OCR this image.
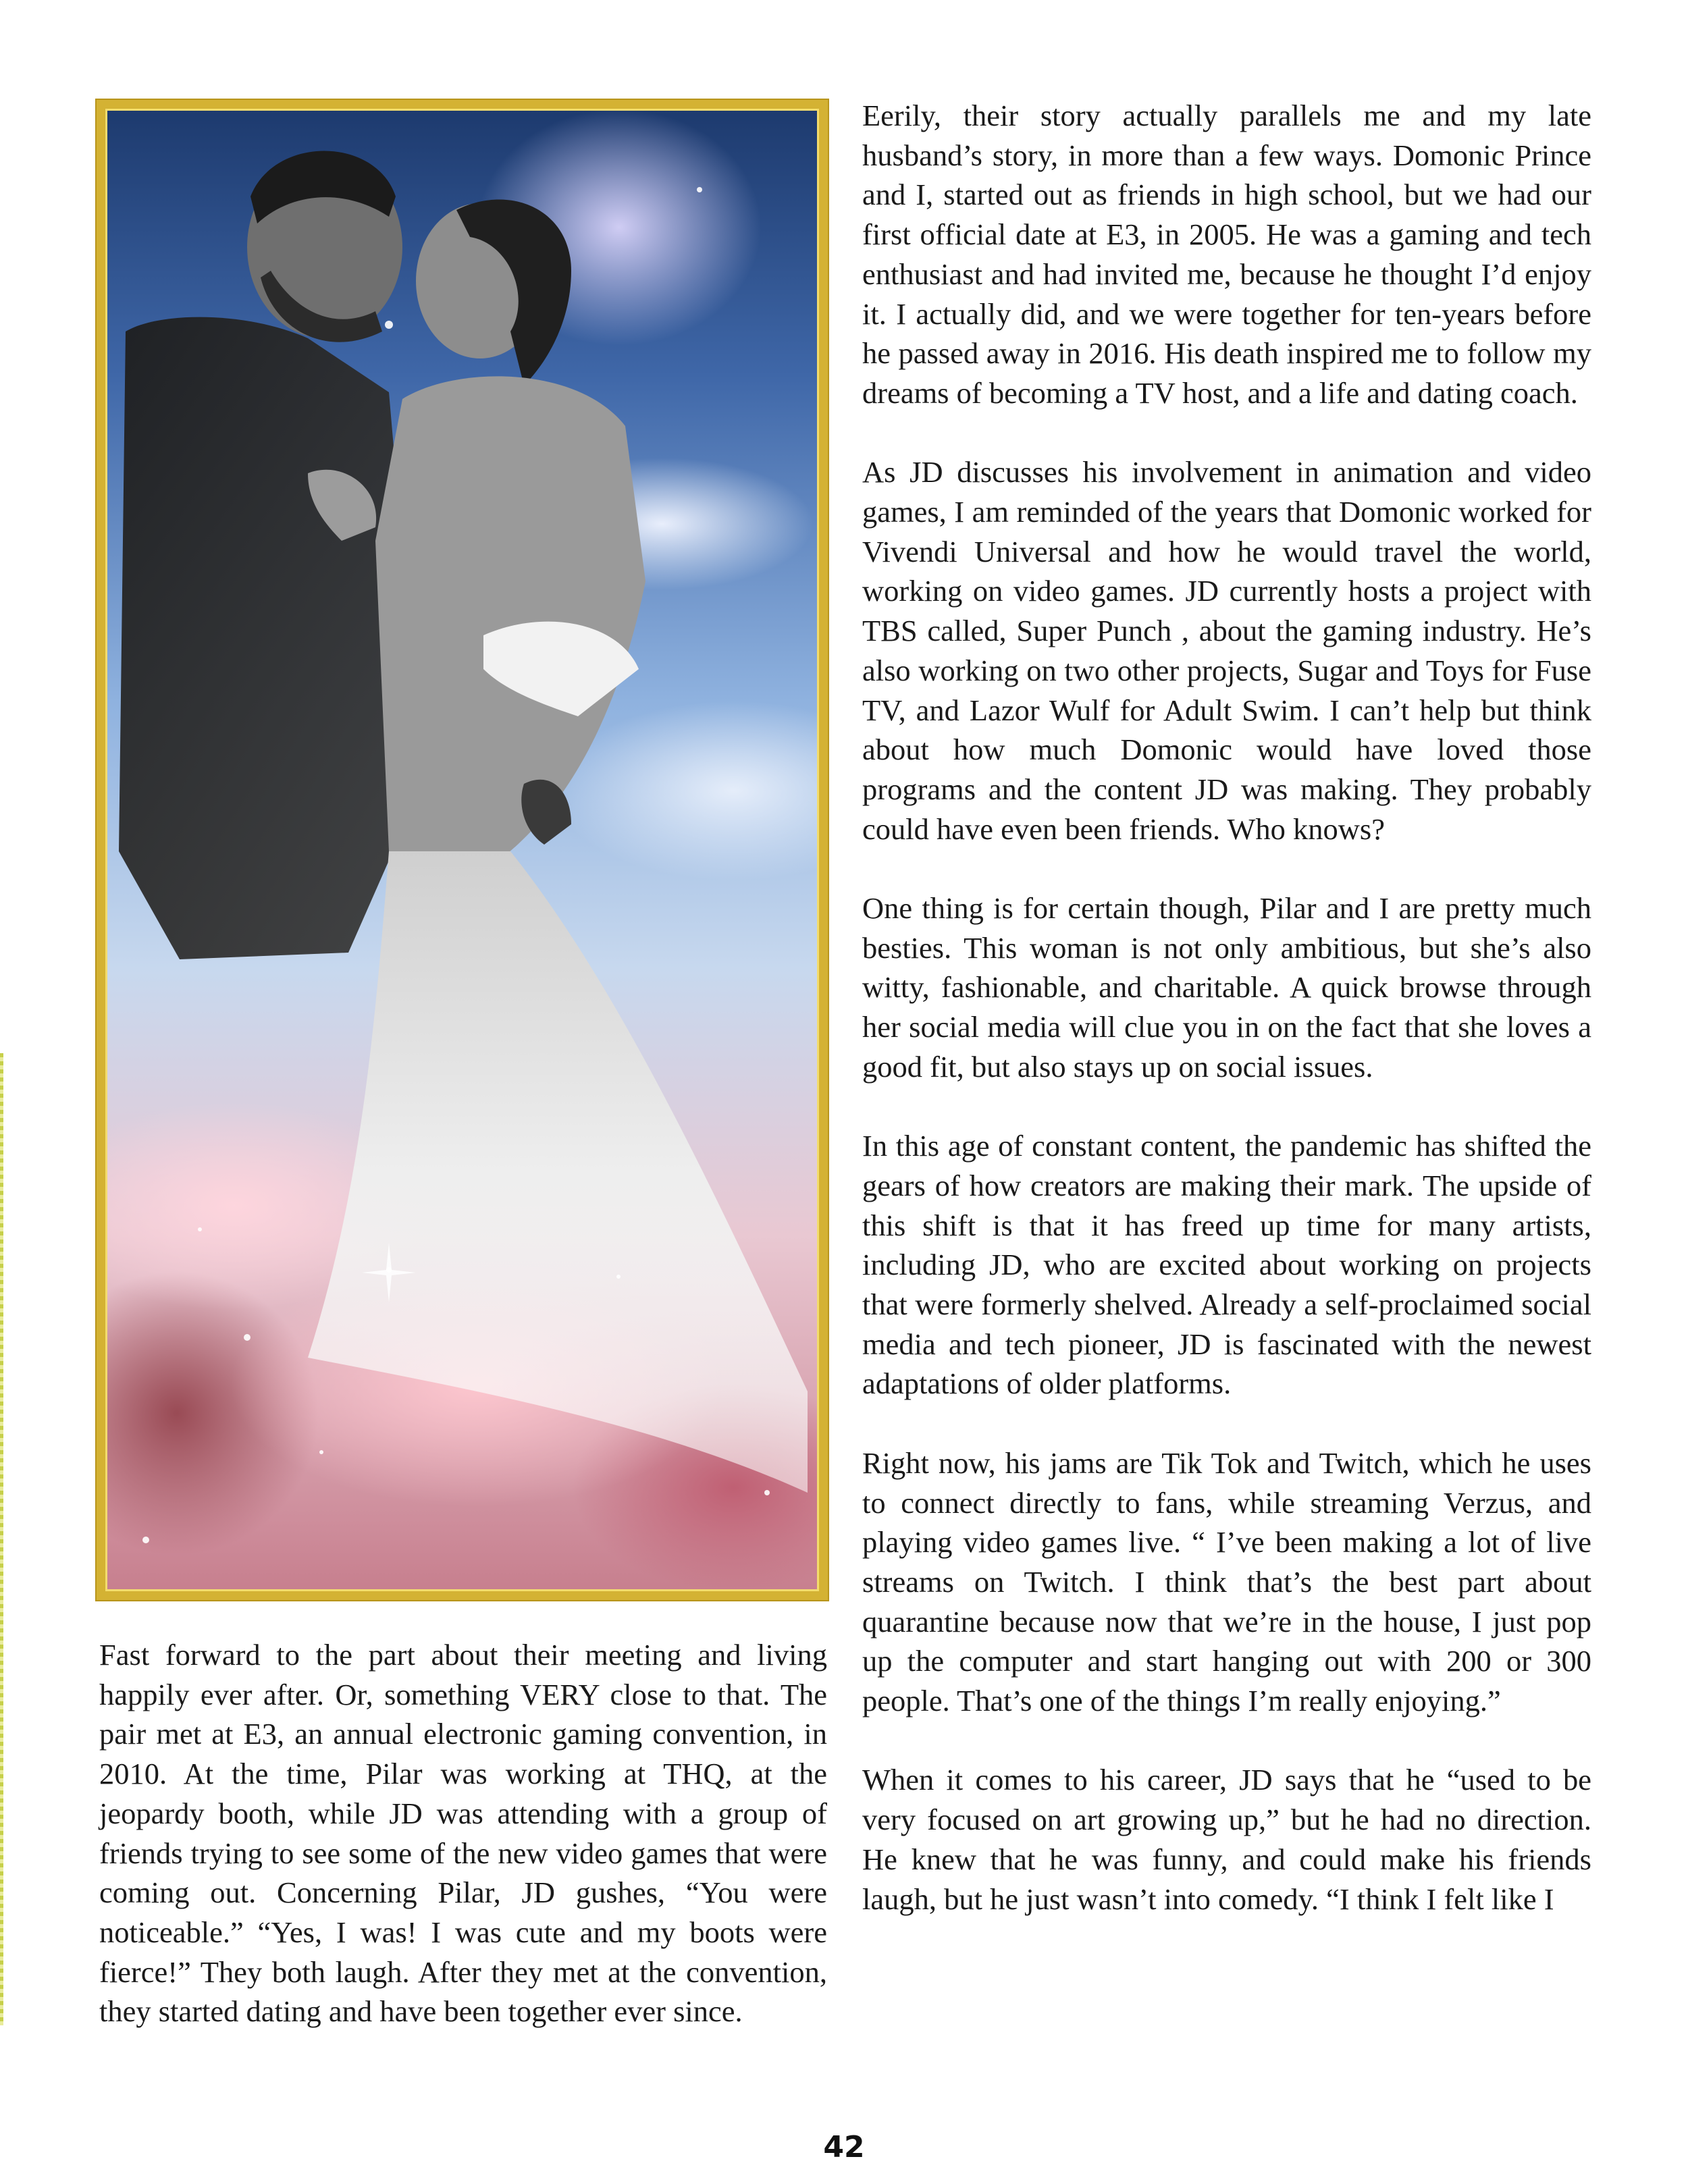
Eerily, their story actually parallels me and my late husband’s story, in more than a few ways. Domonic Prince and I, started out as friends in high school, but we had our first official date at E3, in 2005. He was a gaming and tech enthusiast and had invited me, because he thought I’d enjoy it. I actually did, and we were together for ten-years before he passed away in 2016. His death inspired me to follow my dreams of becoming a TV host, and a life and dating coach.

As JD discusses his involvement in animation and video games, I am reminded of the years that Domonic worked for Vivendi Universal and how he would travel the world, working on video games. JD currently hosts a project with TBS called, Super Punch , about the gaming industry. He’s also working on two other projects, Sugar and Toys for Fuse TV, and Lazor Wulf for Adult Swim. I can’t help but think about how much Domonic would have loved those programs and the content JD was making. They probably could have even been friends. Who knows?

One thing is for certain though, Pilar and I are pretty much besties. This woman is not only ambitious, but she’s also witty, fashionable, and charitable. A quick browse through her social media will clue you in on the fact that she loves a good fit, but also stays up on social issues.

In this age of constant content, the pandemic has shifted the gears of how creators are making their mark. The upside of this shift is that it has freed up time for many artists, including JD, who are excited about working on projects that were formerly shelved. Already a self-proclaimed social media and tech pioneer, JD is fascinated with the newest adaptations of older platforms.

Right now, his jams are Tik Tok and Twitch, which he uses to connect directly to fans, while streaming Verzus, and playing video games live. “ I’ve been making a lot of live streams on Twitch. I think that’s the best part about quarantine because now that we’re in the house, I just pop up the computer and start hanging out with 200 or 300 people. That’s one of the things I’m really enjoying.”

When it comes to his career, JD says that he “used to be very focused on art growing up,” but he had no direction. He knew that he was funny, and could make his friends laugh, but he just wasn’t into comedy. “I think I felt like I

Fast forward to the part about their meeting and living happily ever after. Or, something VERY close to that. The pair met at E3, an annual electronic gaming convention, in 2010. At the time, Pilar was working at THQ, at the jeopardy booth, while JD was attending with a group of friends trying to see some of the new video games that were coming out. Concerning Pilar, JD gushes, “You were noticeable.” “Yes, I was! I was cute and my boots were fierce!” They both laugh. After they met at the convention, they started dating and have been together ever since.

42
